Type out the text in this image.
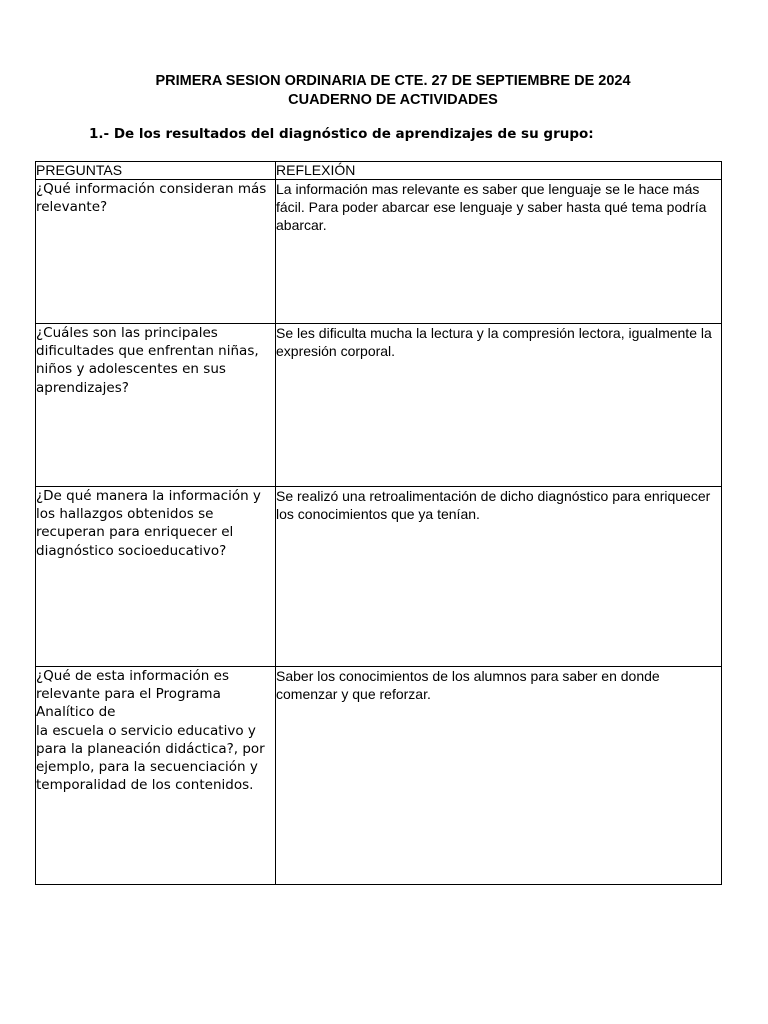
PRIMERA SESION ORDINARIA DE CTE. 27 DE SEPTIEMBRE DE 2024
CUADERNO DE ACTIVIDADES
1.- De los resultados del diagnóstico de aprendizajes de su grupo:
PREGUNTAS	REFLEXIÓN

¿Qué información consideran más relevante?	La información mas relevante es saber que lenguaje se le hace más fácil. Para poder abarcar ese lenguaje y saber hasta qué tema podría abarcar.

¿Cuáles son las principales dificultades que enfrentan niñas, niños y adolescentes en sus aprendizajes?	Se les dificulta mucha la lectura y la compresión lectora, igualmente la expresión corporal.

¿De qué manera la información y los hallazgos obtenidos se recuperan para enriquecer el diagnóstico socioeducativo?	Se realizó una retroalimentación de dicho diagnóstico para enriquecer los conocimientos que ya tenían.

¿Qué de esta información es relevante para el Programa Analítico de
la escuela o servicio educativo y para la planeación didáctica?, por ejemplo, para la secuenciación y temporalidad de los contenidos.	Saber los conocimientos de los alumnos para saber en donde comenzar y que reforzar.
